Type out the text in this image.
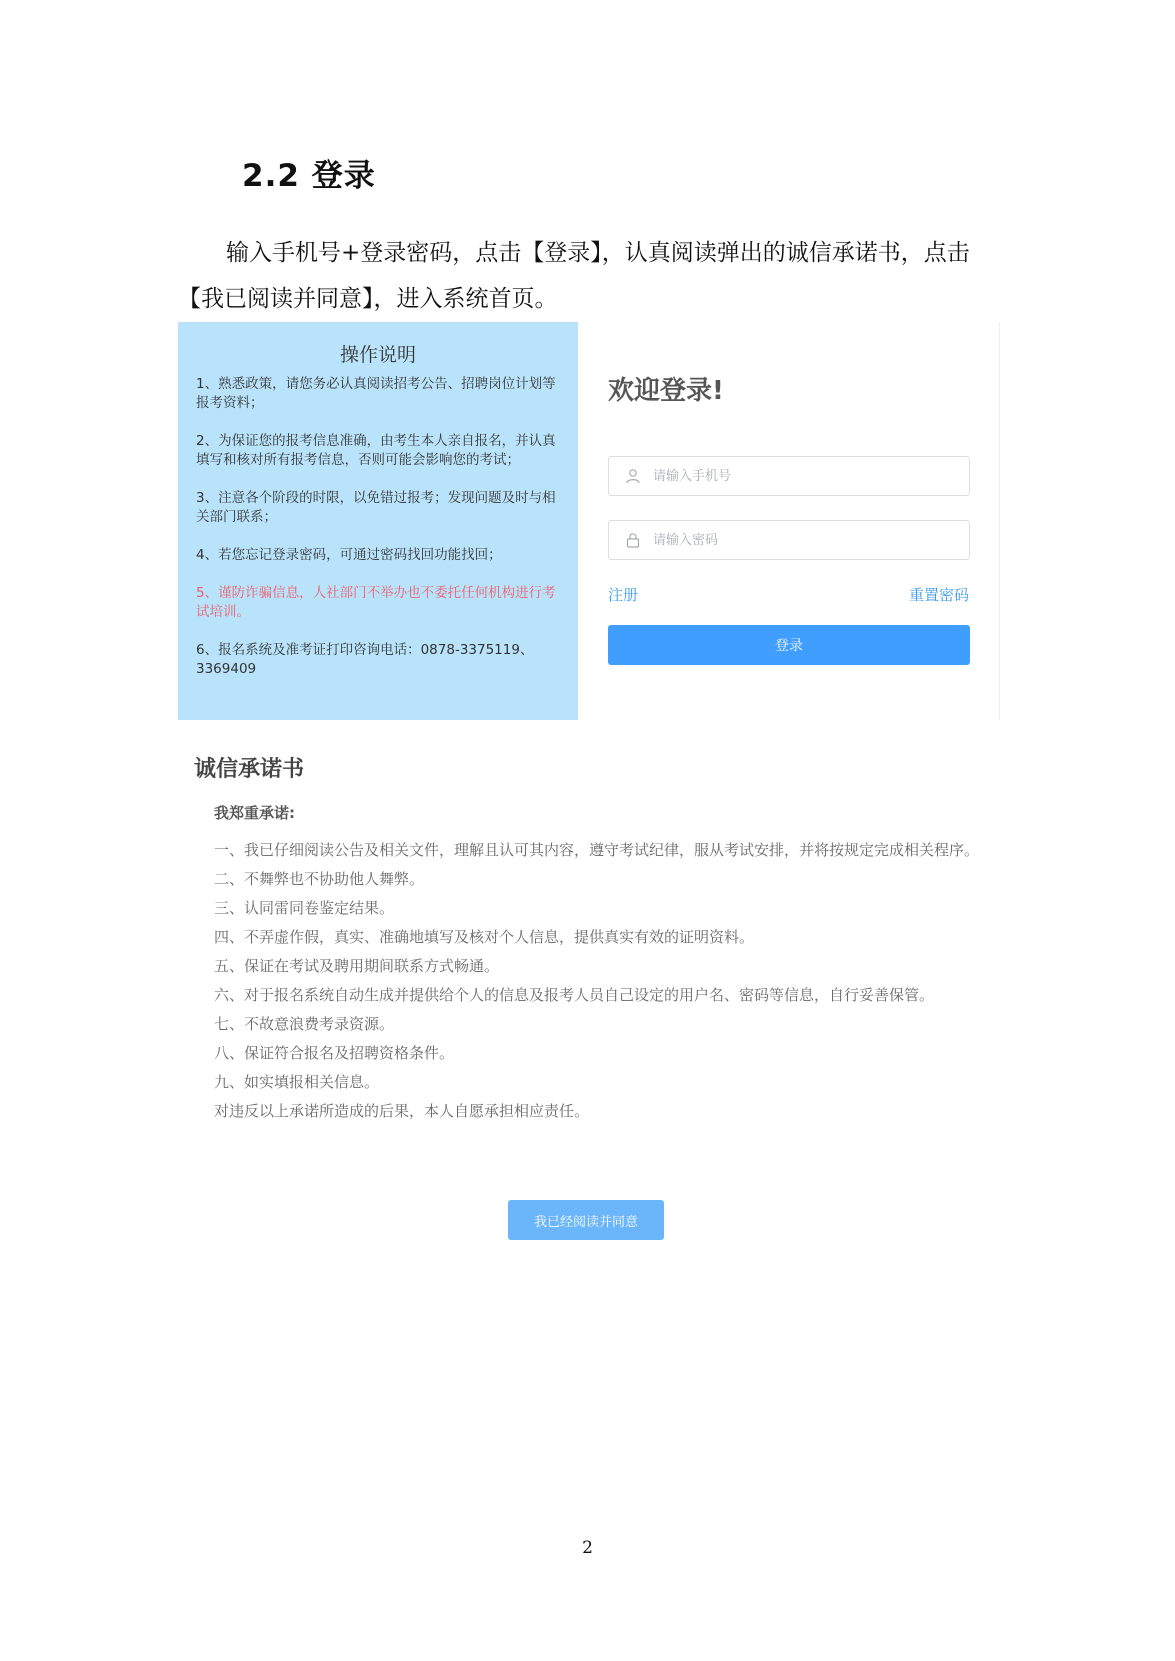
2.2 登录

输入手机号+登录密码，点击【登录】，认真阅读弹出的诚信承诺书，点击【我已阅读并同意】，进入系统首页。

操作说明
1、熟悉政策，请您务必认真阅读招考公告、招聘岗位计划等报考资料；
2、为保证您的报考信息准确，由考生本人亲自报名，并认真填写和核对所有报考信息，否则可能会影响您的考试；
3、注意各个阶段的时限，以免错过报考；发现问题及时与相关部门联系；
4、若您忘记登录密码，可通过密码找回功能找回；
5、谨防诈骗信息，人社部门不举办也不委托任何机构进行考试培训。
6、报名系统及准考证打印咨询电话：0878-3375119、3369409
欢迎登录!
请输入手机号
注册	重置密码
登录
诚信承诺书
我郑重承诺:

一、我已仔细阅读公告及相关文件，理解且认可其内容，遵守考试纪律，服从考试安排，并将按规定完成相关程序。

二、不舞弊也不协助他人舞弊。

三、认同雷同卷鉴定结果。

四、不弄虚作假，真实、准确地填写及核对个人信息，提供真实有效的证明资料。

五、保证在考试及聘用期间联系方式畅通。

六、对于报名系统自动生成并提供给个人的信息及报考人员自己设定的用户名、密码等信息，自行妥善保管。

七、不故意浪费考录资源。

八、保证符合报名及招聘资格条件。

九、如实填报相关信息。

对违反以上承诺所造成的后果，本人自愿承担相应责任。

我已经阅读并同意
2
